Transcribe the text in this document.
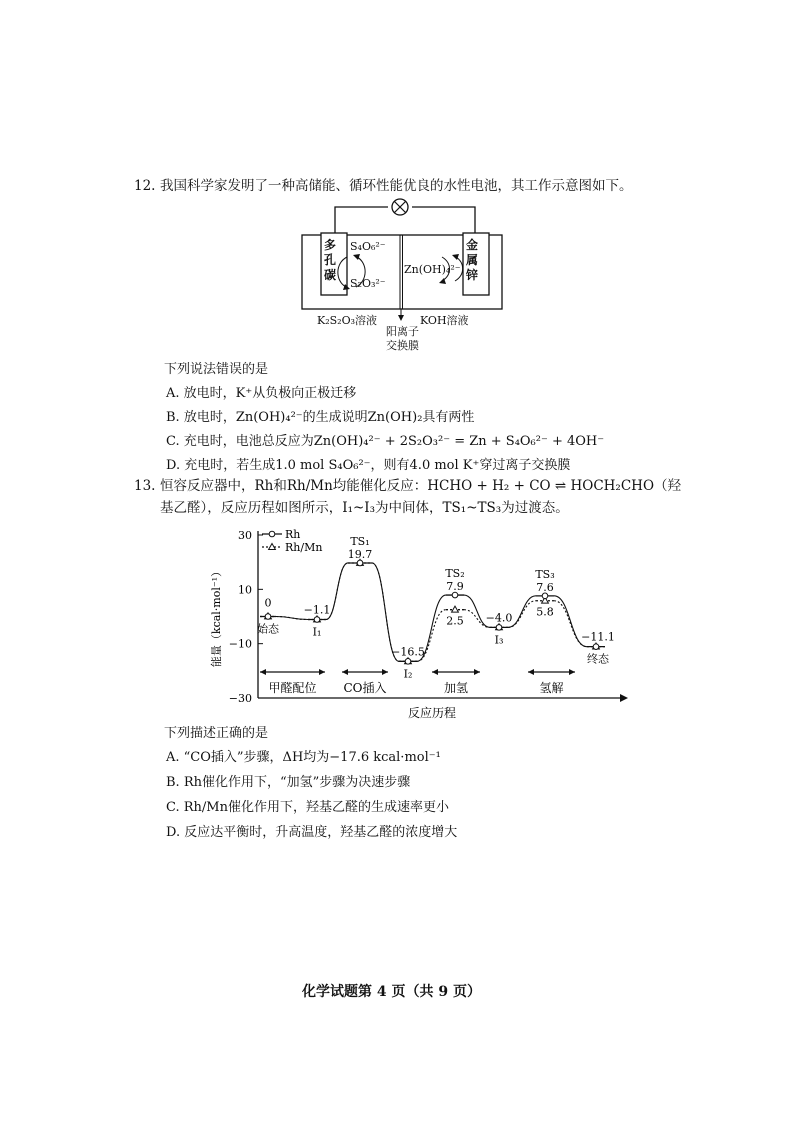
12. 我国科学家发明了一种高储能、循环性能优良的水性电池，其工作示意图如下。
多孔碳
金属锌
S₄O₆²⁻
S₂O₃²⁻
Zn(OH)₄²⁻
K₂S₂O₃溶液	KOH溶液
阳离子
交换膜
下列说法错误的是
A. 放电时，K⁺从负极向正极迁移
B. 放电时，Zn(OH)₄²⁻的生成说明Zn(OH)₂具有两性
C. 充电时，电池总反应为Zn(OH)₄²⁻ + 2S₂O₃²⁻ = Zn + S₄O₆²⁻ + 4OH⁻
D. 充电时，若生成1.0 mol S₄O₆²⁻，则有4.0 mol K⁺穿过离子交换膜
13. 恒容反应器中，Rh和Rh/Mn均能催化反应：HCHO + H₂ + CO ⇌ HOCH₂CHO（羟
基乙醛），反应历程如图所示，I₁~I₃为中间体，TS₁~TS₃为过渡态。
30
10
−10
−30
能量（kcal·mol⁻¹）
反应历程
Rh
Rh/Mn
0
−1.1
19.7
TS₁
−16.5
7.9
TS₂
2.5 −4.0
7.6
TS₃
5.8
−11.1
始态	I₁
I₂
I₃
终态
甲醛配位 CO插入	加氢	氢解
下列描述正确的是
A. “CO插入”步骤，ΔH均为−17.6 kcal·mol⁻¹
B. Rh催化作用下，“加氢”步骤为决速步骤
C. Rh/Mn催化作用下，羟基乙醛的生成速率更小
D. 反应达平衡时，升高温度，羟基乙醛的浓度增大
化学试题第 4 页（共 9 页）
